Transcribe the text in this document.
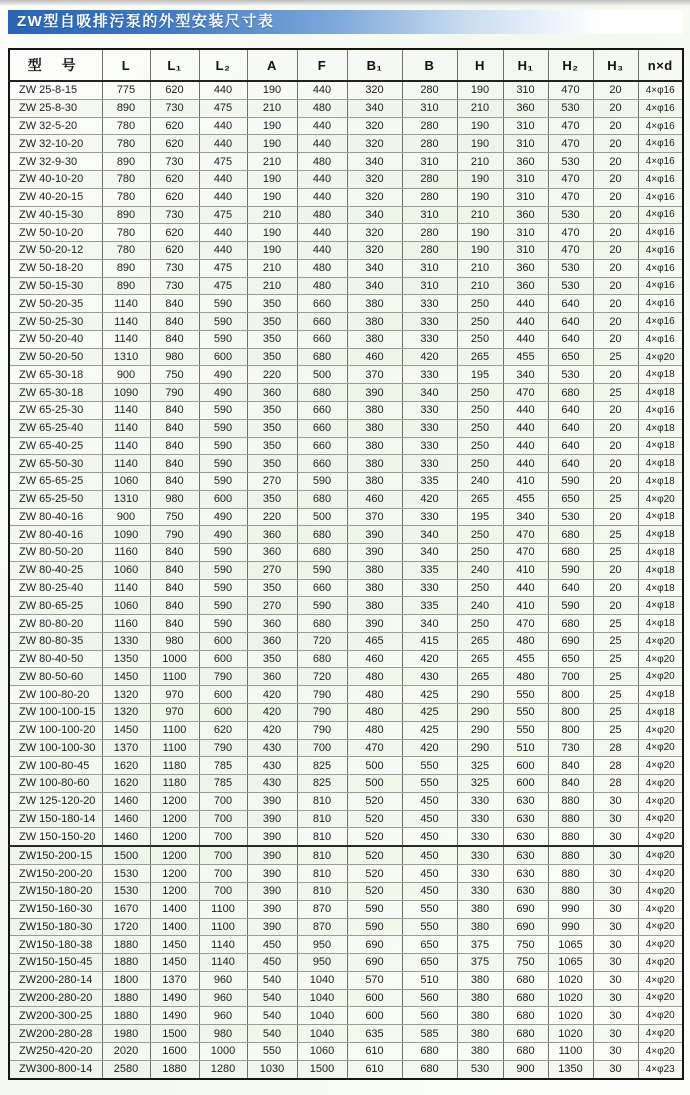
ZW型自吸排污泵的外型安装尺寸表
型 号	L	L₁	L₂	A	F	B₁	B	H	H₁	H₂	H₃	n×d
ZW 25-8-15	775	620	440	190	440	320	280	190	310	470	20	4×φ16
ZW 25-8-30	890	730	475	210	480	340	310	210	360	530	20	4×φ16
ZW 32-5-20	780	620	440	190	440	320	280	190	310	470	20	4×φ16
ZW 32-10-20	780	620	440	190	440	320	280	190	310	470	20	4×φ16
ZW 32-9-30	890	730	475	210	480	340	310	210	360	530	20	4×φ16
ZW 40-10-20	780	620	440	190	440	320	280	190	310	470	20	4×φ16
ZW 40-20-15	780	620	440	190	440	320	280	190	310	470	20	4×φ16
ZW 40-15-30	890	730	475	210	480	340	310	210	360	530	20	4×φ16
ZW 50-10-20	780	620	440	190	440	320	280	190	310	470	20	4×φ16
ZW 50-20-12	780	620	440	190	440	320	280	190	310	470	20	4×φ16
ZW 50-18-20	890	730	475	210	480	340	310	210	360	530	20	4×φ16
ZW 50-15-30	890	730	475	210	480	340	310	210	360	530	20	4×φ16
ZW 50-20-35	1140	840	590	350	660	380	330	250	440	640	20	4×φ16
ZW 50-25-30	1140	840	590	350	660	380	330	250	440	640	20	4×φ16
ZW 50-20-40	1140	840	590	350	660	380	330	250	440	640	20	4×φ16
ZW 50-20-50	1310	980	600	350	680	460	420	265	455	650	25	4×φ20
ZW 65-30-18	900	750	490	220	500	370	330	195	340	530	20	4×φ18
ZW 65-30-18	1090	790	490	360	680	390	340	250	470	680	25	4×φ18
ZW 65-25-30	1140	840	590	350	660	380	330	250	440	640	20	4×φ16
ZW 65-25-40	1140	840	590	350	660	380	330	250	440	640	20	4×φ18
ZW 65-40-25	1140	840	590	350	660	380	330	250	440	640	20	4×φ18
ZW 65-50-30	1140	840	590	350	660	380	330	250	440	640	20	4×φ18
ZW 65-65-25	1060	840	590	270	590	380	335	240	410	590	20	4×φ18
ZW 65-25-50	1310	980	600	350	680	460	420	265	455	650	25	4×φ20
ZW 80-40-16	900	750	490	220	500	370	330	195	340	530	20	4×φ18
ZW 80-40-16	1090	790	490	360	680	390	340	250	470	680	25	4×φ18
ZW 80-50-20	1160	840	590	360	680	390	340	250	470	680	25	4×φ18
ZW 80-40-25	1060	840	590	270	590	380	335	240	410	590	20	4×φ18
ZW 80-25-40	1140	840	590	350	660	380	330	250	440	640	20	4×φ18
ZW 80-65-25	1060	840	590	270	590	380	335	240	410	590	20	4×φ18
ZW 80-80-20	1160	840	590	360	680	390	340	250	470	680	25	4×φ18
ZW 80-80-35	1330	980	600	360	720	465	415	265	480	690	25	4×φ20
ZW 80-40-50	1350	1000	600	350	680	460	420	265	455	650	25	4×φ20
ZW 80-50-60	1450	1100	790	360	720	480	430	265	480	700	25	4×φ20
ZW 100-80-20	1320	970	600	420	790	480	425	290	550	800	25	4×φ18
ZW 100-100-15	1320	970	600	420	790	480	425	290	550	800	25	4×φ18
ZW 100-100-20	1450	1100	620	420	790	480	425	290	550	800	25	4×φ20
ZW 100-100-30	1370	1100	790	430	700	470	420	290	510	730	28	4×φ20
ZW 100-80-45	1620	1180	785	430	825	500	550	325	600	840	28	4×φ20
ZW 100-80-60	1620	1180	785	430	825	500	550	325	600	840	28	4×φ20
ZW 125-120-20	1460	1200	700	390	810	520	450	330	630	880	30	4×φ20
ZW 150-180-14	1460	1200	700	390	810	520	450	330	630	880	30	4×φ20
ZW 150-150-20	1460	1200	700	390	810	520	450	330	630	880	30	4×φ20
ZW150-200-15	1500	1200	700	390	810	520	450	330	630	880	30	4×φ20
ZW150-200-20	1530	1200	700	390	810	520	450	330	630	880	30	4×φ20
ZW150-180-20	1530	1200	700	390	810	520	450	330	630	880	30	4×φ20
ZW150-160-30	1670	1400	1100	390	870	590	550	380	690	990	30	4×φ20
ZW150-180-30	1720	1400	1100	390	870	590	550	380	690	990	30	4×φ20
ZW150-180-38	1880	1450	1140	450	950	690	650	375	750	1065	30	4×φ20
ZW150-150-45	1880	1450	1140	450	950	690	650	375	750	1065	30	4×φ20
ZW200-280-14	1800	1370	960	540	1040	570	510	380	680	1020	30	4×φ20
ZW200-280-20	1880	1490	960	540	1040	600	560	380	680	1020	30	4×φ20
ZW200-300-25	1880	1490	960	540	1040	600	560	380	680	1020	30	4×φ20
ZW200-280-28	1980	1500	980	540	1040	635	585	380	680	1020	30	4×φ20
ZW250-420-20	2020	1600	1000	550	1060	610	680	380	680	1100	30	4×φ20
ZW300-800-14	2580	1880	1280	1030	1500	610	680	530	900	1350	30	4×φ23
